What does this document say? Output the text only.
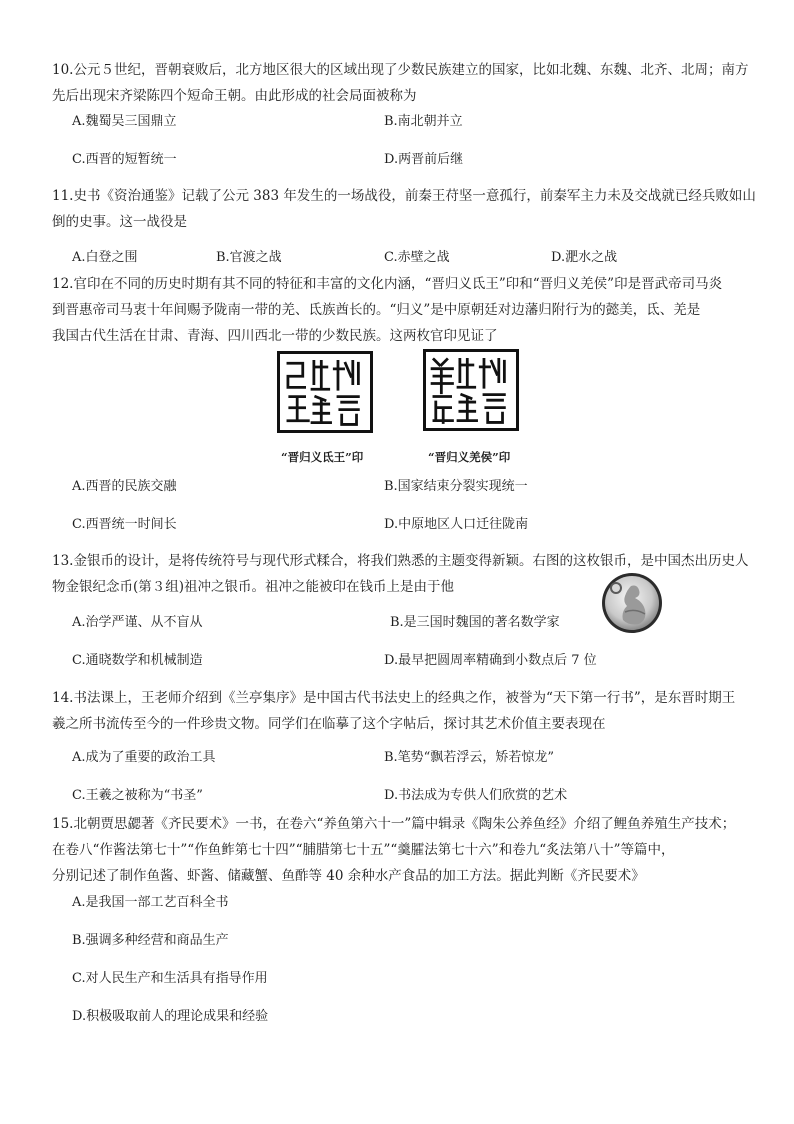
10.公元５世纪，晋朝衰败后，北方地区很大的区域出现了少数民族建立的国家，比如北魏、东魏、北齐、北周；南方
先后出现宋齐梁陈四个短命王朝。由此形成的社会局面被称为
A.魏蜀吴三国鼎立	B.南北朝并立
C.西晋的短暂统一	D.两晋前后继
11.史书《资治通鉴》记载了公元 383 年发生的一场战役，前秦王苻坚一意孤行，前秦军主力未及交战就已经兵败如山
倒的史事。这一战役是
A.白登之围	B.官渡之战	C.赤壁之战	D.淝水之战
12.官印在不同的历史时期有其不同的特征和丰富的文化内涵，“晋归义氐王”印和“晋归义羌侯”印是晋武帝司马炎
到晋惠帝司马衷十年间赐予陇南一带的羌、氐族酋长的。“归义”是中原朝廷对边藩归附行为的懿美，氐、羌是
我国古代生活在甘肃、青海、四川西北一带的少数民族。这两枚官印见证了
“晋归义氐王”印	“晋归义羌侯”印
A.西晋的民族交融	B.国家结束分裂实现统一
C.西晋统一时间长	D.中原地区人口迁往陇南
13.金银币的设计，是将传统符号与现代形式糅合，将我们熟悉的主题变得新颖。右图的这枚银币，是中国杰出历史人
物金银纪念币(第３组)祖冲之银币。祖冲之能被印在钱币上是由于他
A.治学严谨、从不盲从	B.是三国时魏国的著名数学家
C.通晓数学和机械制造	D.最早把圆周率精确到小数点后 7 位
14.书法课上，王老师介绍到《兰亭集序》是中国古代书法史上的经典之作，被誉为“天下第一行书”，是东晋时期王
羲之所书流传至今的一件珍贵文物。同学们在临摹了这个字帖后，探讨其艺术价值主要表现在
A.成为了重要的政治工具	B.笔势“飘若浮云，矫若惊龙”
C.王羲之被称为“书圣”	D.书法成为专供人们欣赏的艺术
15.北朝贾思勰著《齐民要术》一书，在卷六“养鱼第六十一”篇中辑录《陶朱公养鱼经》介绍了鲤鱼养殖生产技术；
在卷八“作酱法第七十”“作鱼鲊第七十四”“脯腊第七十五”“羹臛法第七十六”和卷九“炙法第八十”等篇中，
分别记述了制作鱼酱、虾酱、储藏蟹、鱼酢等 40 余种水产食品的加工方法。据此判断《齐民要术》
A.是我国一部工艺百科全书
B.强调多种经营和商品生产
C.对人民生产和生活具有指导作用
D.积极吸取前人的理论成果和经验
